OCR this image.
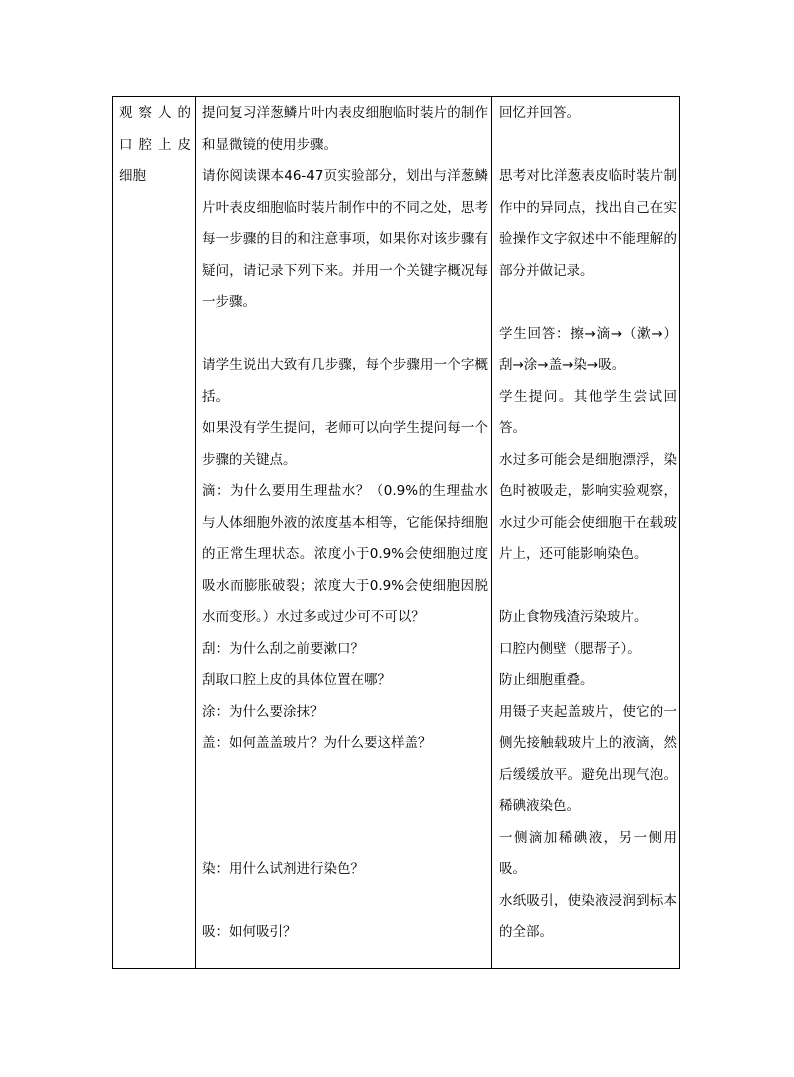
观察人的
口腔上皮
细胞

提问复习洋葱鳞片叶内表皮细胞临时装片的制作和显微镜的使用步骤。

请你阅读课本46-47页实验部分，划出与洋葱鳞片叶表皮细胞临时装片制作中的不同之处，思考每一步骤的目的和注意事项，如果你对该步骤有疑问，请记录下列下来。并用一个关键字概况每一步骤。

请学生说出大致有几步骤，每个步骤用一个字概括。

如果没有学生提问，老师可以向学生提问每一个步骤的关键点。

滴：为什么要用生理盐水？（0.9%的生理盐水与人体细胞外液的浓度基本相等，它能保持细胞的正常生理状态。浓度小于0.9%会使细胞过度吸水而膨胀破裂；浓度大于0.9%会使细胞因脱水而变形。）水过多或过少可不可以？

刮：为什么刮之前要漱口？

刮取口腔上皮的具体位置在哪？

涂：为什么要涂抹？

盖：如何盖盖玻片？为什么要这样盖？

染：用什么试剂进行染色？

吸：如何吸引？

回忆并回答。

思考对比洋葱表皮临时装片制作中的异同点，找出自己在实验操作文字叙述中不能理解的部分并做记录。

学生回答：擦→滴→（漱→）刮→涂→盖→染→吸。

学生提问。其他学生尝试回答。

水过多可能会是细胞漂浮，染色时被吸走，影响实验观察，水过少可能会使细胞干在载玻片上，还可能影响染色。

防止食物残渣污染玻片。

口腔内侧壁（腮帮子）。

防止细胞重叠。

用镊子夹起盖玻片，使它的一侧先接触载玻片上的液滴，然后缓缓放平。避免出现气泡。稀碘液染色。

一侧滴加稀碘液，另一侧用吸。

水纸吸引，使染液浸润到标本的全部。
